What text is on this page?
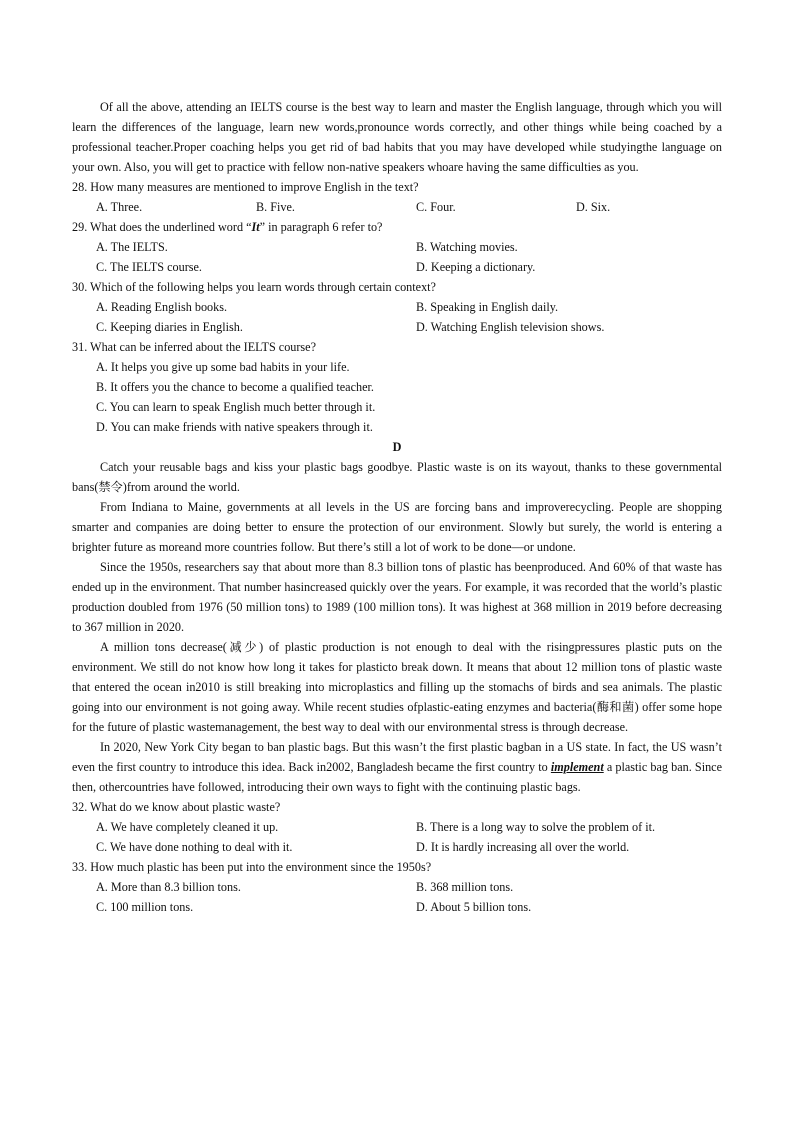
Of all the above, attending an IELTS course is the best way to learn and master the English language, through which you will learn the differences of the language, learn new words,pronounce words correctly, and other things while being coached by a professional teacher.Proper coaching helps you get rid of bad habits that you may have developed while studyingthe language on your own. Also, you will get to practice with fellow non-native speakers whoare having the same difficulties as you.

28. How many measures are mentioned to improve English in the text?

A. Three.	B. Five.	C. Four.	D. Six.

29. What does the underlined word “It” in paragraph 6 refer to?

A. The IELTS.	B. Watching movies.
C. The IELTS course.	D. Keeping a dictionary.

30. Which of the following helps you learn words through certain context?

A. Reading English books.	B. Speaking in English daily.
C. Keeping diaries in English.	D. Watching English television shows.

31. What can be inferred about the IELTS course?

A. It helps you give up some bad habits in your life.
B. It offers you the chance to become a qualified teacher.
C. You can learn to speak English much better through it.
D. You can make friends with native speakers through it.

D

Catch your reusable bags and kiss your plastic bags goodbye. Plastic waste is on its wayout, thanks to these governmental bans(禁令)from around the world.

From Indiana to Maine, governments at all levels in the US are forcing bans and improverecycling. People are shopping smarter and companies are doing better to ensure the protection of our environment. Slowly but surely, the world is entering a brighter future as moreand more countries follow. But there’s still a lot of work to be done—or undone.

Since the 1950s, researchers say that about more than 8.3 billion tons of plastic has beenproduced. And 60% of that waste has ended up in the environment. That number hasincreased quickly over the years. For example, it was recorded that the world’s plastic production doubled from 1976 (50 million tons) to 1989 (100 million tons). It was highest at 368 million in 2019 before decreasing to 367 million in 2020.

A million tons decrease(减少) of plastic production is not enough to deal with the risingpressures plastic puts on the environment. We still do not know how long it takes for plasticto break down. It means that about 12 million tons of plastic waste that entered the ocean in2010 is still breaking into microplastics and filling up the stomachs of birds and sea animals. The plastic going into our environment is not going away. While recent studies ofplastic-eating enzymes and bacteria(酶和菌) offer some hope for the future of plastic wastemanagement, the best way to deal with our environmental stress is through decrease.

In 2020, New York City began to ban plastic bags. But this wasn’t the first plastic bagban in a US state. In fact, the US wasn’t even the first country to introduce this idea. Back in2002, Bangladesh became the first country to implement a plastic bag ban. Since then, othercountries have followed, introducing their own ways to fight with the continuing plastic bags.

32. What do we know about plastic waste?

A. We have completely cleaned it up.	B. There is a long way to solve the problem of it.
C. We have done nothing to deal with it.	D. It is hardly increasing all over the world.

33. How much plastic has been put into the environment since the 1950s?

A. More than 8.3 billion tons.	B. 368 million tons.
C. 100 million tons.	D. About 5 billion tons.
